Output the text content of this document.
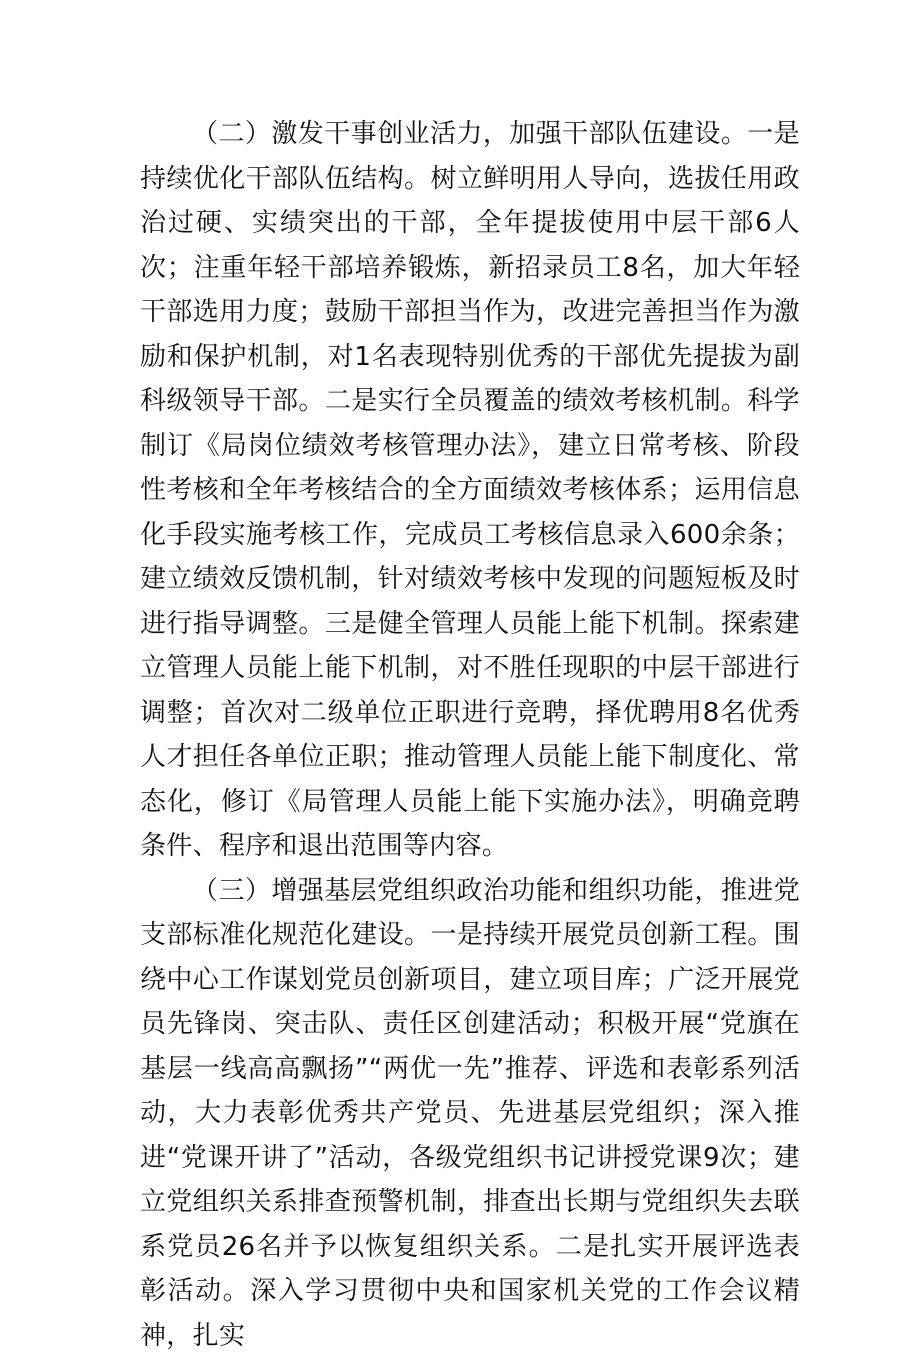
（二）激发干事创业活力，加强干部队伍建设。一是持续优化干部队伍结构。树立鲜明用人导向，选拔任用政治过硬、实绩突出的干部，全年提拔使用中层干部6人次；注重年轻干部培养锻炼，新招录员工8名，加大年轻干部选用力度；鼓励干部担当作为，改进完善担当作为激励和保护机制，对1名表现特别优秀的干部优先提拔为副科级领导干部。二是实行全员覆盖的绩效考核机制。科学制订《局岗位绩效考核管理办法》，建立日常考核、阶段性考核和全年考核结合的全方面绩效考核体系；运用信息化手段实施考核工作，完成员工考核信息录入600余条；建立绩效反馈机制，针对绩效考核中发现的问题短板及时进行指导调整。三是健全管理人员能上能下机制。探索建立管理人员能上能下机制，对不胜任现职的中层干部进行调整；首次对二级单位正职进行竞聘，择优聘用8名优秀人才担任各单位正职；推动管理人员能上能下制度化、常态化，修订《局管理人员能上能下实施办法》，明确竞聘条件、程序和退出范围等内容。

（三）增强基层党组织政治功能和组织功能，推进党支部标准化规范化建设。一是持续开展党员创新工程。围绕中心工作谋划党员创新项目，建立项目库；广泛开展党员先锋岗、突击队、责任区创建活动；积极开展“党旗在基层一线高高飘扬”“两优一先”推荐、评选和表彰系列活动，大力表彰优秀共产党员、先进基层党组织；深入推进“党课开讲了”活动，各级党组织书记讲授党课9次；建立党组织关系排查预警机制，排查出长期与党组织失去联系党员26名并予以恢复组织关系。二是扎实开展评选表彰活动。深入学习贯彻中央和国家机关党的工作会议精神，扎实
